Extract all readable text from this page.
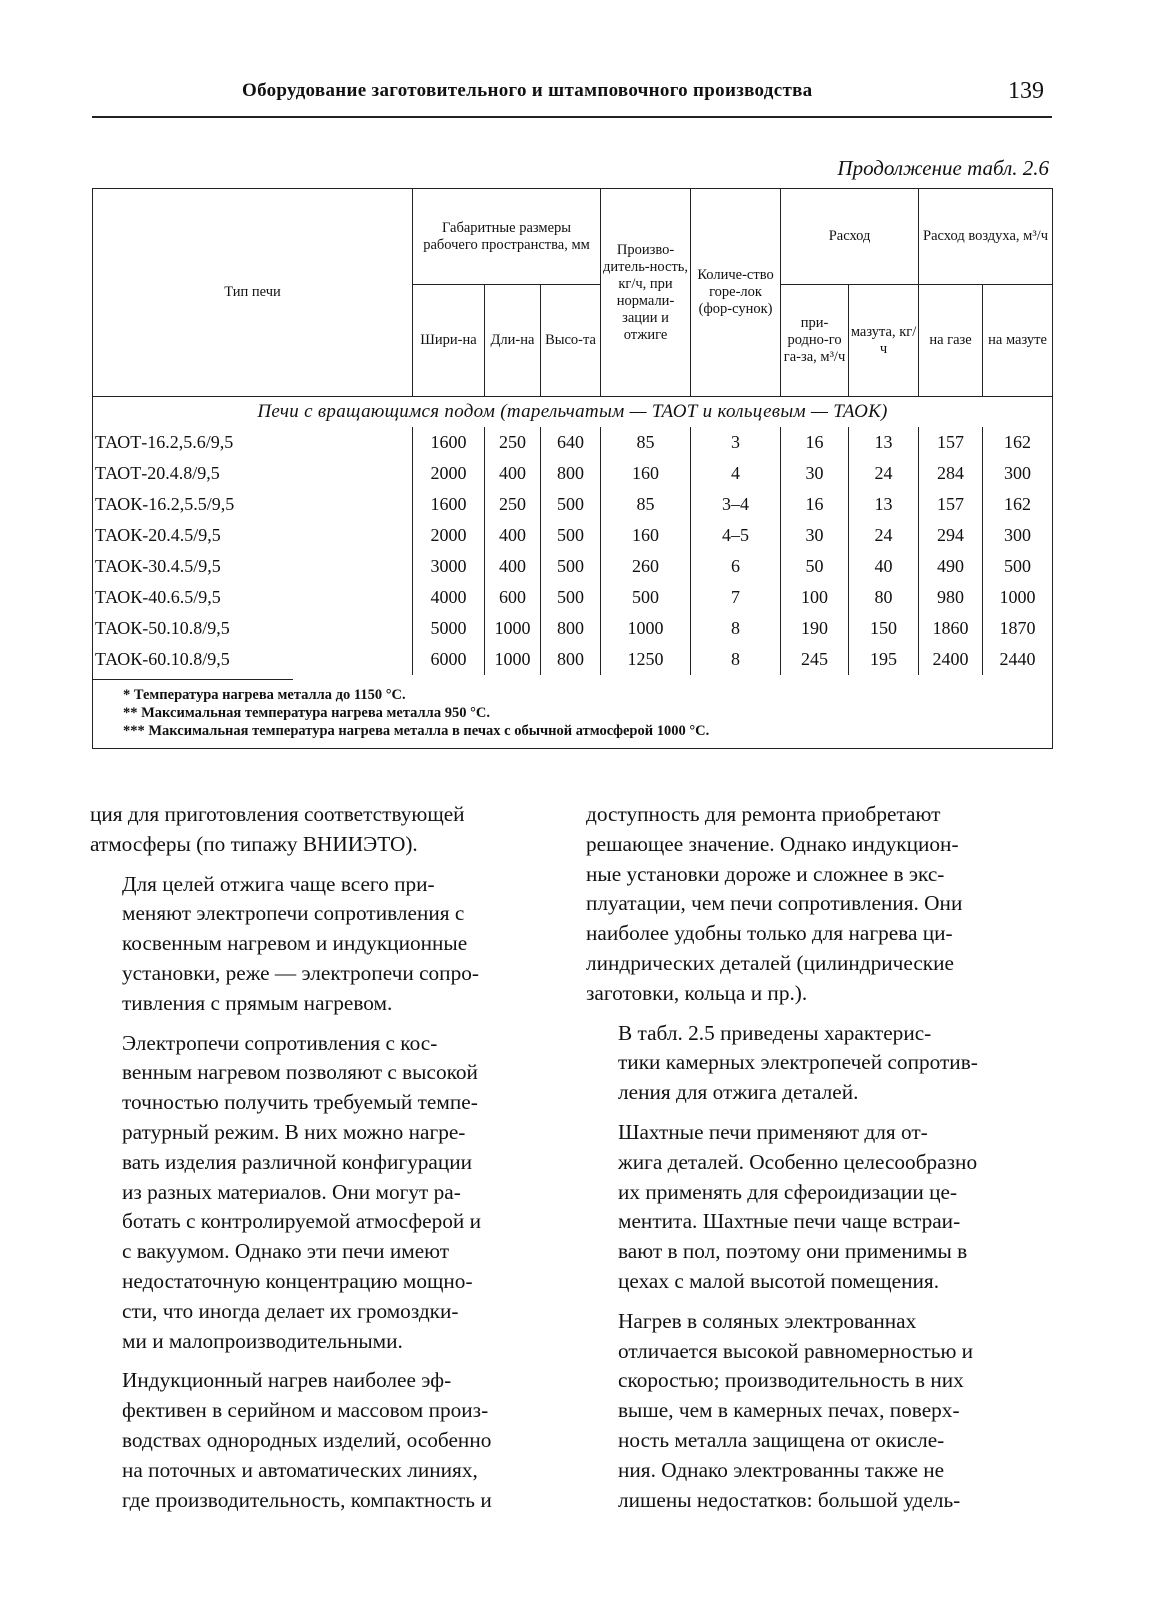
Оборудование заготовительного и штамповочного производства	139
Продолжение табл. 2.6
Тип печи	Габаритные размеры рабочего пространства, мм			Произво-дитель-ность, кг/ч, при нормали-зации и отжиге	Количе-ство горе-лок (фор-сунок)	Расход		Расход воздуха, м³/ч	
	Шири-на	Дли-на	Высо-та			при-родно-го га-за, м³/ч	мазута, кг/ч	на газе	на мазуте
Печи с вращающимся подом (тарельчатым — ТАОТ и кольцевым — ТАОК)									
ТАОТ-16.2,5.6/9,5	1600	250	640	85	3	16	13	157	162
ТАОТ-20.4.8/9,5	2000	400	800	160	4	30	24	284	300
ТАОК-16.2,5.5/9,5	1600	250	500	85	3–4	16	13	157	162
ТАОК-20.4.5/9,5	2000	400	500	160	4–5	30	24	294	300
ТАОК-30.4.5/9,5	3000	400	500	260	6	50	40	490	500
ТАОК-40.6.5/9,5	4000	600	500	500	7	100	80	980	1000
ТАОК-50.10.8/9,5	5000	1000	800	1000	8	190	150	1860	1870
ТАОК-60.10.8/9,5	6000	1000	800	1250	8	245	195	2400	2440

* Температура нагрева металла до 1150 °С.
** Максимальная температура нагрева металла 950 °С.
*** Максимальная температура нагрева металла в печах с обычной атмосферой 1000 °С.									

ция для приготовления соответствующей
атмосферы (по типажу ВНИИЭТО).

Для целей отжига чаще всего при-
меняют электропечи сопротивления с
косвенным нагревом и индукционные
установки, реже — электропечи сопро-
тивления с прямым нагревом.

Электропечи сопротивления с кос-
венным нагревом позволяют с высокой
точностью получить требуемый темпе-
ратурный режим. В них можно нагре-
вать изделия различной конфигурации
из разных материалов. Они могут ра-
ботать с контролируемой атмосферой и
с вакуумом. Однако эти печи имеют
недостаточную концентрацию мощно-
сти, что иногда делает их громоздки-
ми и малопроизводительными.

Индукционный нагрев наиболее эф-
фективен в серийном и массовом произ-
водствах однородных изделий, особенно
на поточных и автоматических линиях,
где производительность, компактность и

доступность для ремонта приобретают
решающее значение. Однако индукцион-
ные установки дороже и сложнее в экс-
плуатации, чем печи сопротивления. Они
наиболее удобны только для нагрева ци-
линдрических деталей (цилиндрические
заготовки, кольца и пр.).

В табл. 2.5 приведены характерис-
тики камерных электропечей сопротив-
ления для отжига деталей.

Шахтные печи применяют для от-
жига деталей. Особенно целесообразно
их применять для сфероидизации це-
ментита. Шахтные печи чаще встраи-
вают в пол, поэтому они применимы в
цехах с малой высотой помещения.

Нагрев в соляных электрованнах
отличается высокой равномерностью и
скоростью; производительность в них
выше, чем в камерных печах, поверх-
ность металла защищена от окисле-
ния. Однако электрованны также не
лишены недостатков: большой удель-
